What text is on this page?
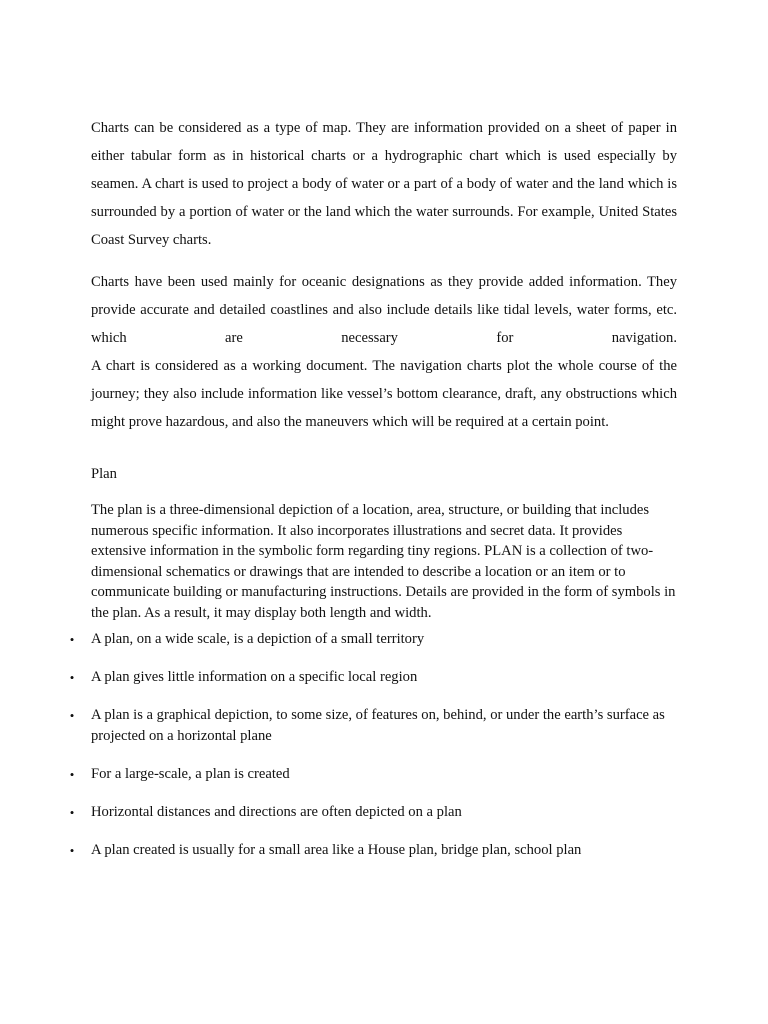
Charts can be considered as a type of map. They are information provided on a sheet of paper in either tabular form as in historical charts or a hydrographic chart which is used especially by seamen. A chart is used to project a body of water or a part of a body of water and the land which is surrounded by a portion of water or the land which the water surrounds. For example, United States Coast Survey charts.

Charts have been used mainly for oceanic designations as they provide added information. They provide accurate and detailed coastlines and also include details like tidal levels, water forms, etc. which are necessary for navigation.

A chart is considered as a working document. The navigation charts plot the whole course of the journey; they also include information like vessel’s bottom clearance, draft, any obstructions which might prove hazardous, and also the maneuvers which will be required at a certain point.

Plan

The plan is a three-dimensional depiction of a location, area, structure, or building that includes numerous specific information. It also incorporates illustrations and secret data. It provides extensive information in the symbolic form regarding tiny regions. PLAN is a collection of two-dimensional schematics or drawings that are intended to describe a location or an item or to communicate building or manufacturing instructions. Details are provided in the form of symbols in the plan. As a result, it may display both length and width.

• A plan, on a wide scale, is a depiction of a small territory
• A plan gives little information on a specific local region
• A plan is a graphical depiction, to some size, of features on, behind, or under the earth’s surface as projected on a horizontal plane
• For a large-scale, a plan is created
• Horizontal distances and directions are often depicted on a plan
• A plan created is usually for a small area like a House plan, bridge plan, school plan
